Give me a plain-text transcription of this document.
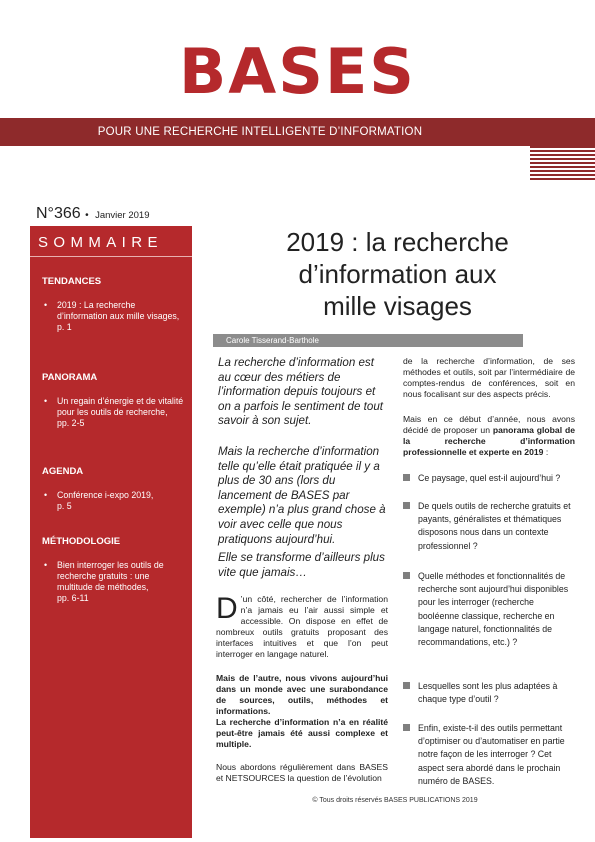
BASES
POUR UNE RECHERCHE INTELLIGENTE D’INFORMATION
N°366 • Janvier 2019
SOMMAIRE
TENDANCES
• 2019 : La recherche d’information aux mille visages,
p. 1
PANORAMA
• Un regain d’énergie et de vitalité pour les outils de recherche,
pp. 2-5
AGENDA
• Conférence i-expo 2019,
p. 5
MÉTHODOLOGIE
• Bien interroger les outils de recherche gratuits : une multitude de méthodes,
pp. 6-11
2019 : la recherche
d’information aux
mille visages
Carole Tisserand-Barthole
La recherche d’information est au cœur des métiers de l’information depuis toujours et on a parfois le sentiment de tout savoir à son sujet.
Mais la recherche d’information telle qu’elle était pratiquée il y a plus de 30 ans (lors du lancement de BASES par exemple) n’a plus grand chose à voir avec celle que nous pratiquons aujourd’hui.
Elle se transforme d’ailleurs plus vite que jamais…
D ’un côté, rechercher de l’information n’a jamais eu l’air aussi simple et accessible. On dispose en effet de nombreux outils gratuits proposant des interfaces intuitives et que l’on peut interroger en langage naturel.
Mais de l’autre, nous vivons aujourd’hui dans un monde avec une surabondance de sources, outils, méthodes et informations.
La recherche d’information n’a en réalité peut-être jamais été aussi complexe et multiple.
Nous abordons régulièrement dans BASES et NETSOURCES la question de l’évolution
de la recherche d’information, de ses méthodes et outils, soit par l’intermédiaire de comptes-rendus de conférences, soit en nous focalisant sur des aspects précis.
Mais en ce début d’année, nous avons décidé de proposer un panorama global de la recherche d’information professionnelle et experte en 2019 :
Ce paysage, quel est-il aujourd’hui ?
De quels outils de recherche gratuits et payants, généralistes et thématiques disposons nous dans un contexte professionnel ?
Quelle méthodes et fonctionnalités de recherche sont aujourd’hui disponibles pour les interroger (recherche booléenne classique, recherche en langage naturel, fonctionnalités de recommandations, etc.) ?
Lesquelles sont les plus adaptées à chaque type d’outil ?
Enfin, existe-t-il des outils permettant d’optimiser ou d’automatiser en partie notre façon de les interroger ? Cet aspect sera abordé dans le prochain numéro de BASES.
© Tous droits réservés BASES PUBLICATIONS 2019
